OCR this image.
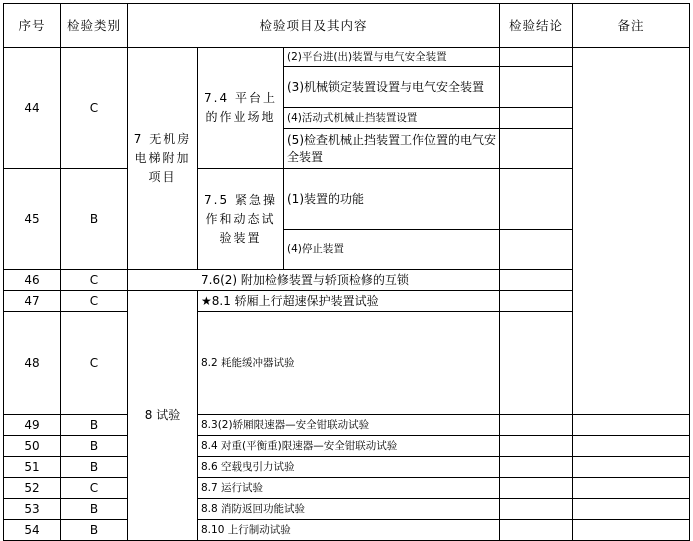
序号	检验类别	检验项目及其内容			检验结论	备注	
44	C	7 无机房电梯附加项目	7.4 平台上的作业场地	(2)平台进(出)装置与电气安全装置			
				(3)机械锁定装置设置与电气安全装置			
				(4)活动式机械止挡装置设置			
				(5)检查机械止挡装置工作位置的电气安全装置			
45	B		7.5 紧急操作和动态试验装置	(1)装置的功能			
				(4)停止装置			
46	C	7.6(2) 附加检修装置与轿顶检修的互锁					
47	C	8 试验	★8.1 轿厢上行超速保护装置试验				
48	C		8.2 耗能缓冲器试验		

49	B		8.3(2)轿厢限速器—安全钳联动试验				
50	B		8.4 对重(平衡重)限速器—安全钳联动试验				
51	B		8.6 空载曳引力试验				
52	C		8.7 运行试验				
53	B		8.8 消防返回功能试验				
54	B		8.10 上行制动试验				
